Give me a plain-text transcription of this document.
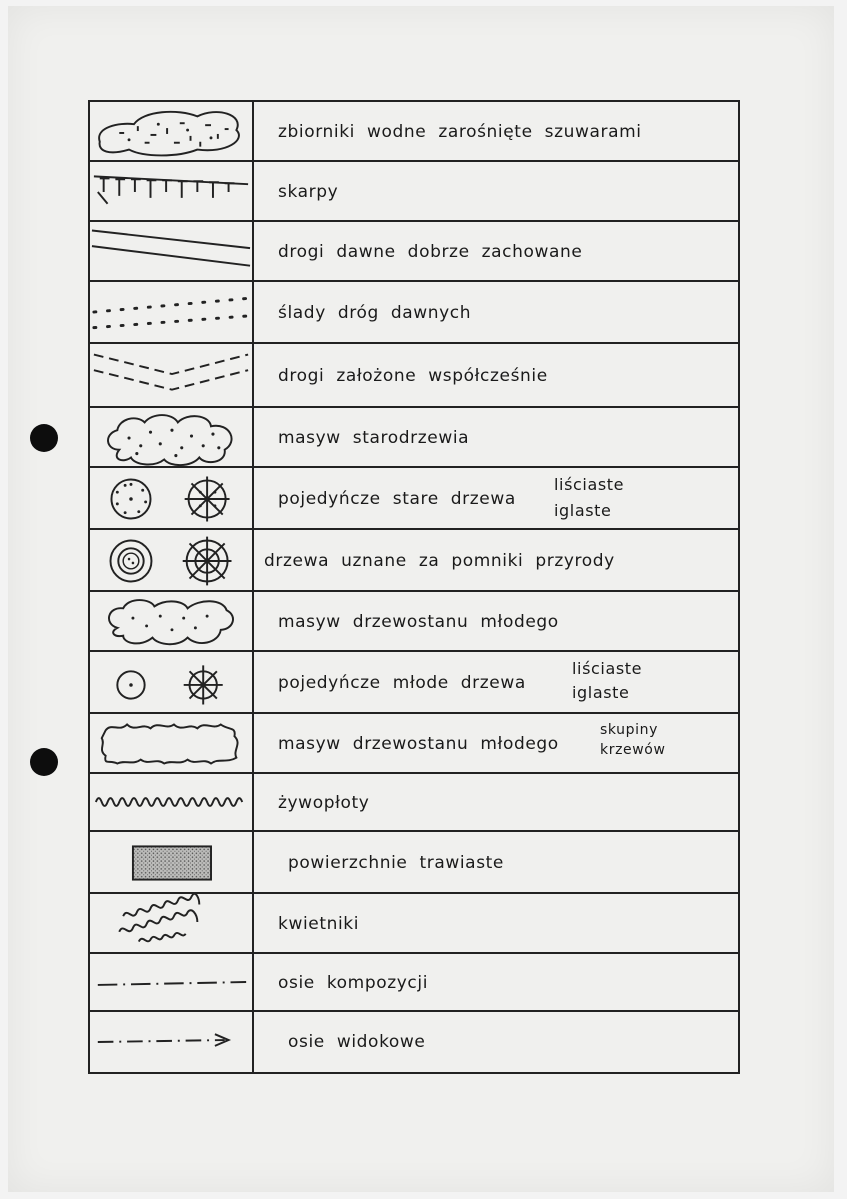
zbiorniki wodne zarośnięte szuwarami
skarpy
drogi dawne dobrze zachowane
ślady dróg dawnych
drogi założone współcześnie
masyw starodrzewia
pojedyńcze stare drzewa
liściaste
iglaste
drzewa uznane za pomniki przyrody
masyw drzewostanu młodego
pojedyńcze młode drzewa
liściaste
iglaste
masyw drzewostanu młodego
skupiny
krzewów
żywopłoty
powierzchnie trawiaste
kwietniki
osie kompozycji
osie widokowe
